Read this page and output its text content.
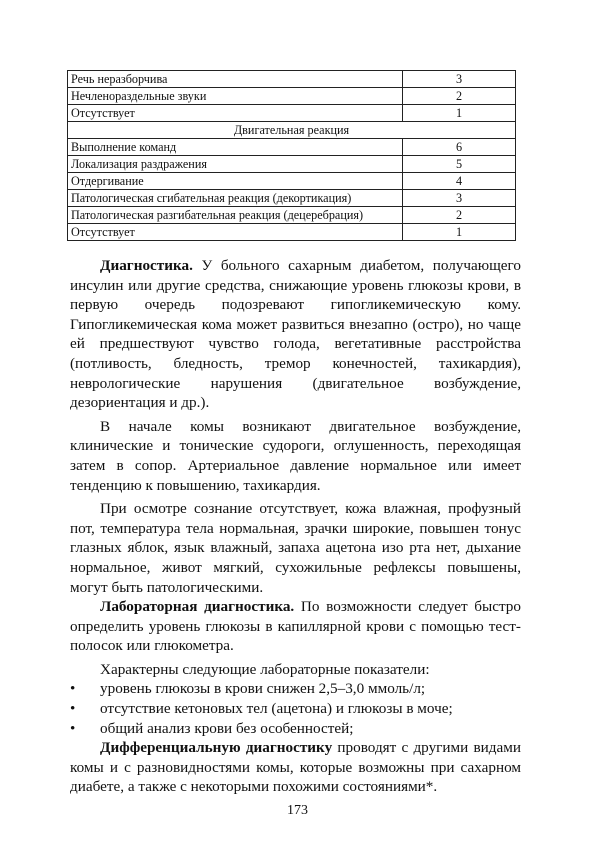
Речь неразборчива	3
Нечленораздельные звуки	2
Отсутствует	1
Двигательная реакция	
Выполнение команд	6
Локализация раздражения	5
Отдергивание	4
Патологическая сгибательная реакция (декортикация)	3
Патологическая разгибательная реакция (децеребрация)	2
Отсутствует	1

Диагностика. У больного сахарным диабетом, получающего инсулин или другие средства, снижающие уровень глюкозы крови, в первую очередь подозревают гипогликемическую кому. Гипогликемическая кома может развиться внезапно (остро), но чаще ей предшествуют чувство голода, вегетативные расстройства (потливость, бледность, тремор конечностей, тахикардия), неврологические нарушения (двигательное возбуждение, дезориентация и др.).

В начале комы возникают двигательное возбуждение, клинические и тонические судороги, оглушенность, переходящая затем в сопор. Артериальное давление нормальное или имеет тенденцию к повышению, тахикардия.

При осмотре сознание отсутствует, кожа влажная, профузный пот, температура тела нормальная, зрачки широкие, повышен тонус глазных яблок, язык влажный, запаха ацетона изо рта нет, дыхание нормальное, живот мягкий, сухожильные рефлексы повышены, могут быть патологическими.

Лабораторная диагностика. По возможности следует быстро определить уровень глюкозы в капиллярной крови с помощью тест-полосок или глюкометра.

Характерны следующие лабораторные показатели:

• уровень глюкозы в крови снижен 2,5–3,0 ммоль/л;
• отсутствие кетоновых тел (ацетона) и глюкозы в моче;
• общий анализ крови без особенностей;

Дифференциальную диагностику проводят с другими видами комы и с разновидностями комы, которые возможны при сахарном диабете, а также с некоторыми похожими состояниями*.

173
